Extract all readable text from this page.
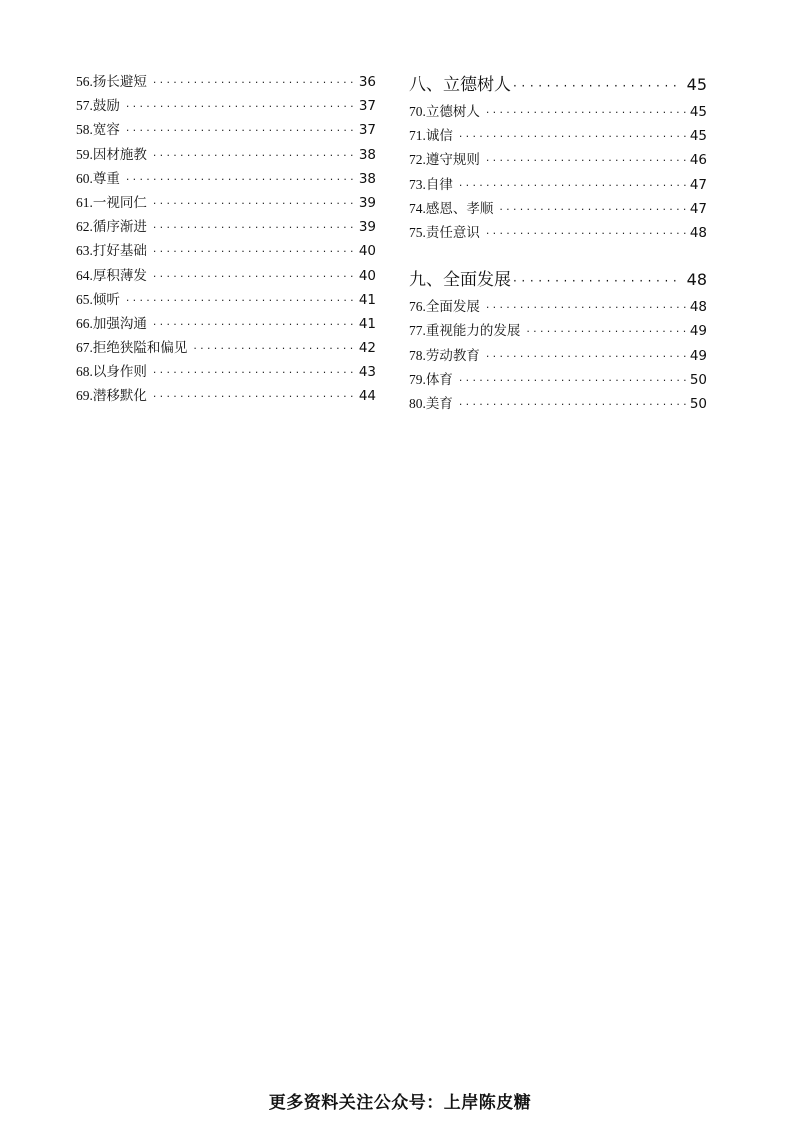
56. 扬长避短 ·····	36
57. 鼓励 ·····	37
58. 宽容 ·····	37
59. 因材施教 ·····	38
60. 尊重 ·····	38
61. 一视同仁 ·····	39
62. 循序渐进 ·····	39
63. 打好基础 ·····	40
64. 厚积薄发 ·····	40
65. 倾听 ·····	41
66. 加强沟通 ·····	41
67. 拒绝狭隘和偏见 ·····	42
68. 以身作则 ·····	43
69. 潜移默化 ·····	44
八、立德树人 ·····	45
70. 立德树人 ·····	45
71. 诚信 ·····	45
72. 遵守规则 ·····	46
73. 自律 ·····	47
74. 感恩、孝顺 ·····	47
75. 责任意识 ·····	48
九、全面发展 ·····	48
76. 全面发展 ·····	48
77. 重视能力的发展 ·····	49
78. 劳动教育 ·····	49
79. 体育 ·····	50
80. 美育 ·····	50
更多资料关注公众号：上岸陈皮糖
